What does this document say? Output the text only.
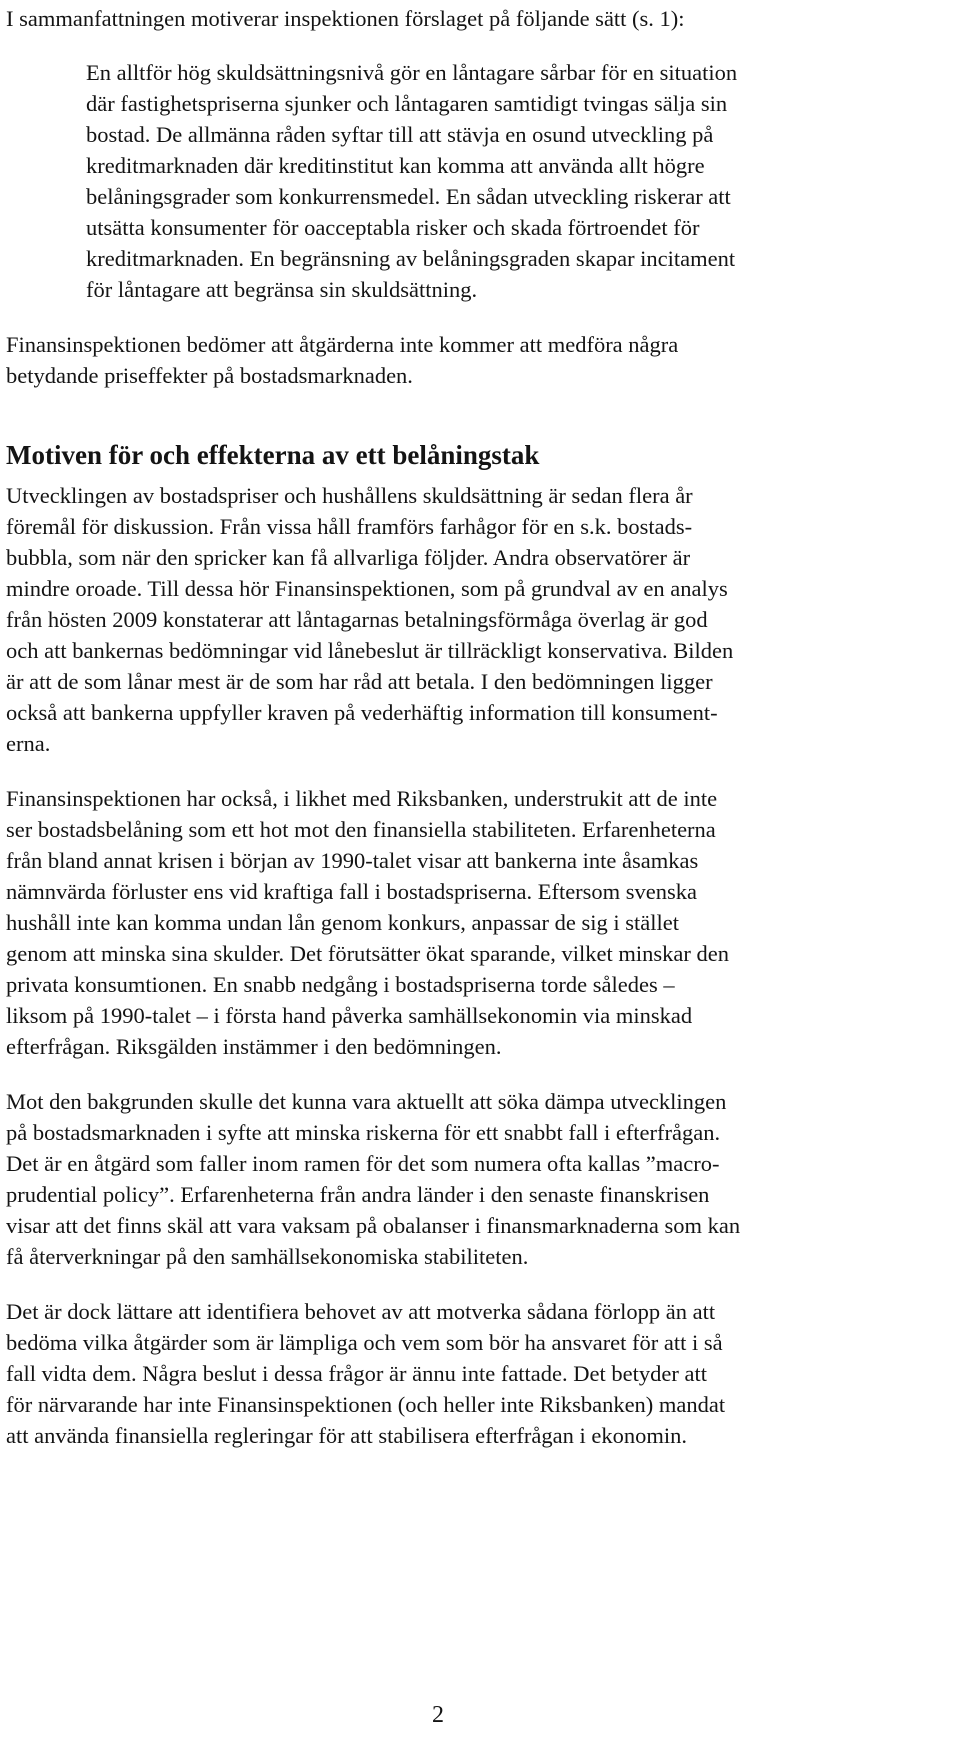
I sammanfattningen motiverar inspektionen förslaget på följande sätt (s. 1):
En alltför hög skuldsättningsnivå gör en låntagare sårbar för en situation
där fastighetspriserna sjunker och låntagaren samtidigt tvingas sälja sin
bostad. De allmänna råden syftar till att stävja en osund utveckling på
kreditmarknaden där kreditinstitut kan komma att använda allt högre
belåningsgrader som konkurrensmedel. En sådan utveckling riskerar att
utsätta konsumenter för oacceptabla risker och skada förtroendet för
kreditmarknaden. En begränsning av belåningsgraden skapar incitament
för låntagare att begränsa sin skuldsättning.
Finansinspektionen bedömer att åtgärderna inte kommer att medföra några
betydande priseffekter på bostadsmarknaden.
Motiven för och effekterna av ett belåningstak
Utvecklingen av bostadspriser och hushållens skuldsättning är sedan flera år
föremål för diskussion. Från vissa håll framförs farhågor för en s.k. bostads-
bubbla, som när den spricker kan få allvarliga följder. Andra observatörer är
mindre oroade. Till dessa hör Finansinspektionen, som på grundval av en analys
från hösten 2009 konstaterar att låntagarnas betalningsförmåga överlag är god
och att bankernas bedömningar vid lånebeslut är tillräckligt konservativa. Bilden
är att de som lånar mest är de som har råd att betala. I den bedömningen ligger
också att bankerna uppfyller kraven på vederhäftig information till konsument-
erna.
Finansinspektionen har också, i likhet med Riksbanken, understrukit att de inte
ser bostadsbelåning som ett hot mot den finansiella stabiliteten. Erfarenheterna
från bland annat krisen i början av 1990-talet visar att bankerna inte åsamkas
nämnvärda förluster ens vid kraftiga fall i bostadspriserna. Eftersom svenska
hushåll inte kan komma undan lån genom konkurs, anpassar de sig i stället
genom att minska sina skulder. Det förutsätter ökat sparande, vilket minskar den
privata konsumtionen. En snabb nedgång i bostadspriserna torde således –
liksom på 1990-talet – i första hand påverka samhällsekonomin via minskad
efterfrågan. Riksgälden instämmer i den bedömningen.
Mot den bakgrunden skulle det kunna vara aktuellt att söka dämpa utvecklingen
på bostadsmarknaden i syfte att minska riskerna för ett snabbt fall i efterfrågan.
Det är en åtgärd som faller inom ramen för det som numera ofta kallas ”macro-
prudential policy”. Erfarenheterna från andra länder i den senaste finanskrisen
visar att det finns skäl att vara vaksam på obalanser i finansmarknaderna som kan
få återverkningar på den samhällsekonomiska stabiliteten.
Det är dock lättare att identifiera behovet av att motverka sådana förlopp än att
bedöma vilka åtgärder som är lämpliga och vem som bör ha ansvaret för att i så
fall vidta dem. Några beslut i dessa frågor är ännu inte fattade. Det betyder att
för närvarande har inte Finansinspektionen (och heller inte Riksbanken) mandat
att använda finansiella regleringar för att stabilisera efterfrågan i ekonomin.
2
